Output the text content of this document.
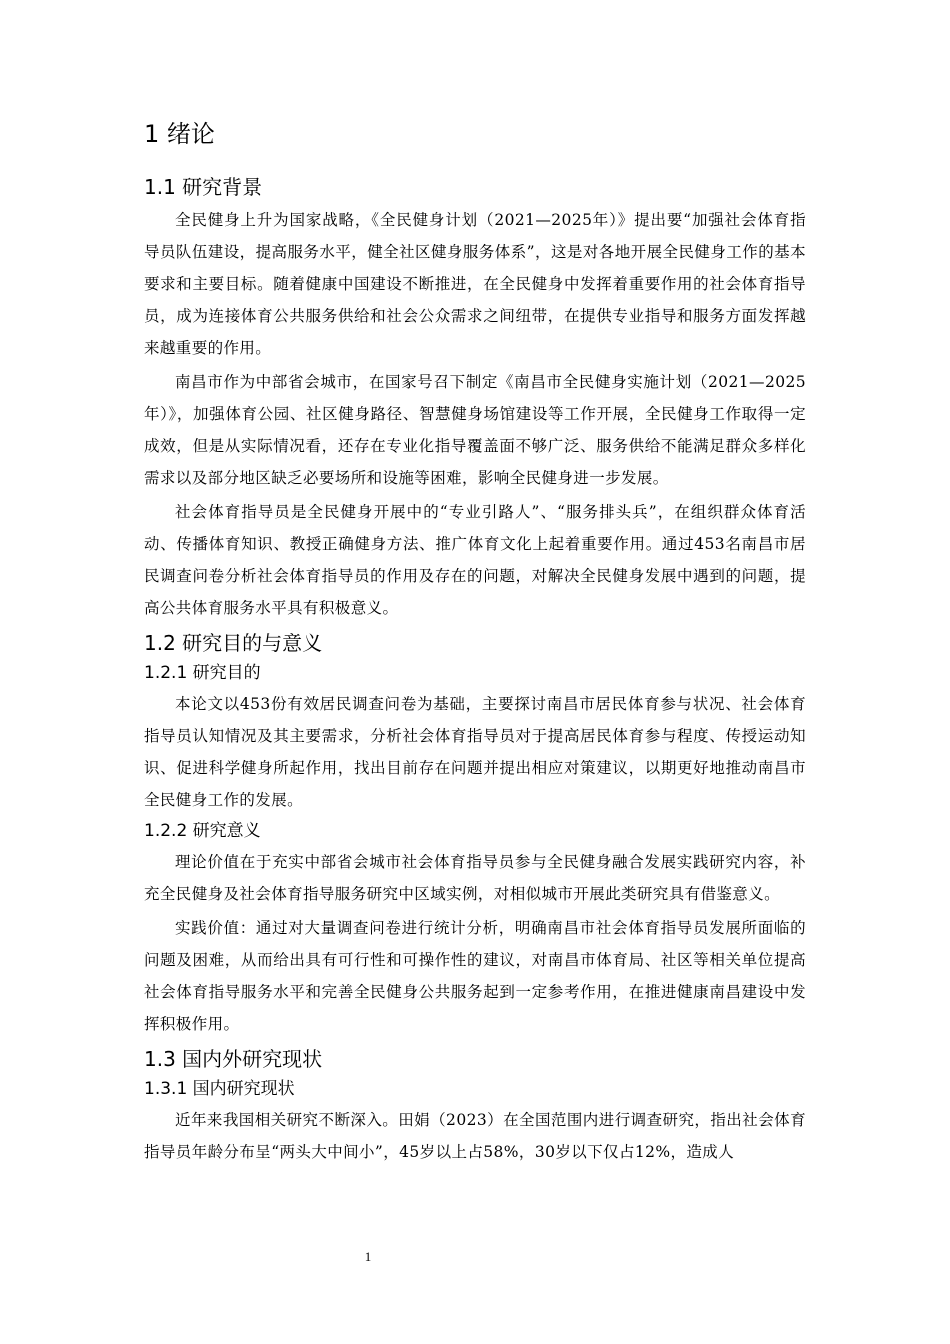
1 绪论
1.1 研究背景

全民健身上升为国家战略，《全民健身计划（2021—2025年）》提出要“加强社会体育指导员队伍建设，提高服务水平，健全社区健身服务体系”，这是对各地开展全民健身工作的基本要求和主要目标。随着健康中国建设不断推进，在全民健身中发挥着重要作用的社会体育指导员，成为连接体育公共服务供给和社会公众需求之间纽带，在提供专业指导和服务方面发挥越来越重要的作用。

南昌市作为中部省会城市，在国家号召下制定《南昌市全民健身实施计划（2021—2025年）》，加强体育公园、社区健身路径、智慧健身场馆建设等工作开展，全民健身工作取得一定成效，但是从实际情况看，还存在专业化指导覆盖面不够广泛、服务供给不能满足群众多样化需求以及部分地区缺乏必要场所和设施等困难，影响全民健身进一步发展。

社会体育指导员是全民健身开展中的“专业引路人”、“服务排头兵”，在组织群众体育活动、传播体育知识、教授正确健身方法、推广体育文化上起着重要作用。通过453名南昌市居民调查问卷分析社会体育指导员的作用及存在的问题，对解决全民健身发展中遇到的问题，提高公共体育服务水平具有积极意义。

1.2 研究目的与意义
1.2.1 研究目的

本论文以453份有效居民调查问卷为基础，主要探讨南昌市居民体育参与状况、社会体育指导员认知情况及其主要需求，分析社会体育指导员对于提高居民体育参与程度、传授运动知识、促进科学健身所起作用，找出目前存在问题并提出相应对策建议，以期更好地推动南昌市全民健身工作的发展。

1.2.2 研究意义

理论价值在于充实中部省会城市社会体育指导员参与全民健身融合发展实践研究内容，补充全民健身及社会体育指导服务研究中区域实例，对相似城市开展此类研究具有借鉴意义。

实践价值：通过对大量调查问卷进行统计分析，明确南昌市社会体育指导员发展所面临的问题及困难，从而给出具有可行性和可操作性的建议，对南昌市体育局、社区等相关单位提高社会体育指导服务水平和完善全民健身公共服务起到一定参考作用，在推进健康南昌建设中发挥积极作用。

1.3 国内外研究现状
1.3.1 国内研究现状

近年来我国相关研究不断深入。田娟（2023）在全国范围内进行调查研究，指出社会体育指导员年龄分布呈“两头大中间小”，45岁以上占58%，30岁以下仅占12%，造成人

1
